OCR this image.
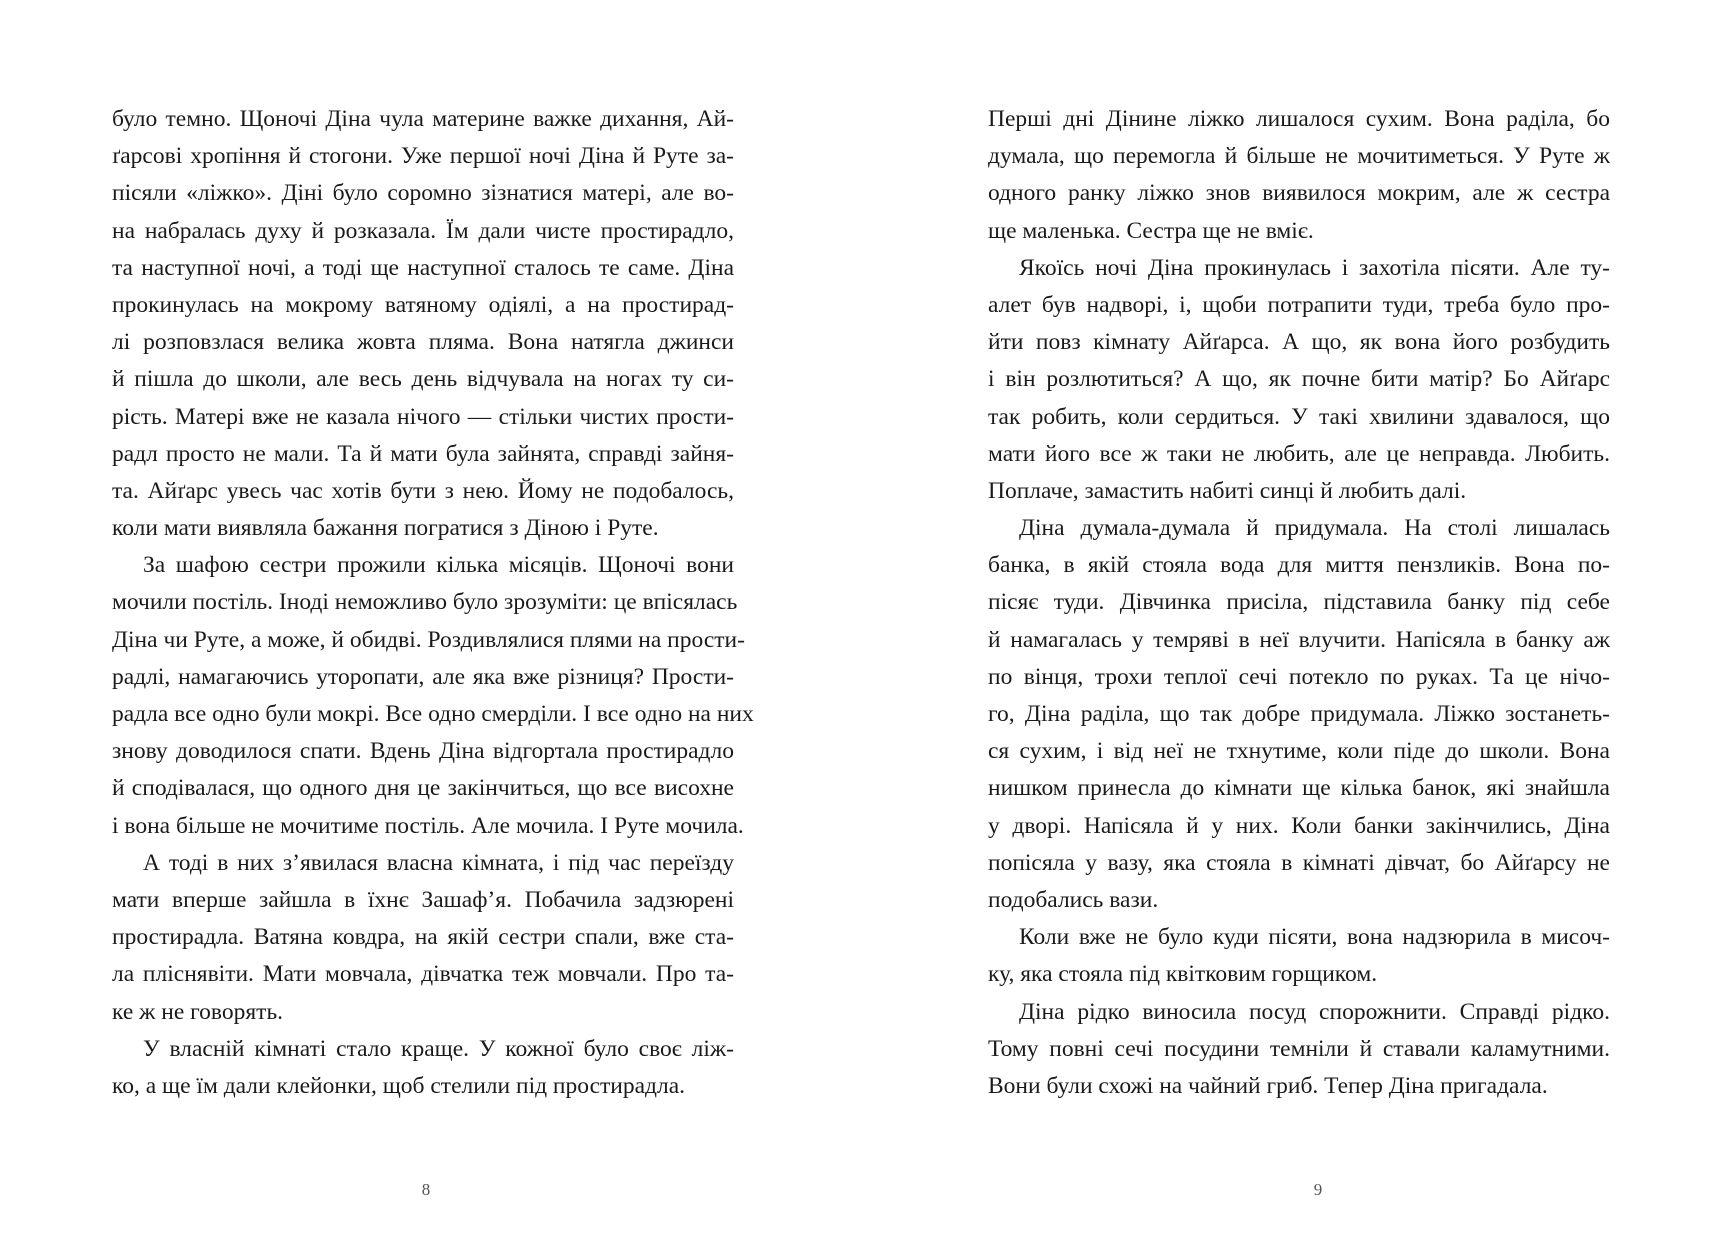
було темно. Щоночі Діна чула материне важке дихання, Ай-
ґарсові хропіння й стогони. Уже першої ночі Діна й Руте за-
пісяли «ліжко». Діні було соромно зізнатися матері, але во-
на набралась духу й розказала. Їм дали чисте простирадло,
та наступної ночі, а тоді ще наступної сталось те саме. Діна
прокинулась на мокрому ватяному одіялі, а на простирад-
лі розповзлася велика жовта пляма. Вона натягла джинси
й пішла до школи, але весь день відчувала на ногах ту си-
рість. Матері вже не казала нічого — стільки чистих прости-
радл просто не мали. Та й мати була зайнята, справді зайня-
та. Айґарс увесь час хотів бути з нею. Йому не подобалось,
коли мати виявляла бажання погратися з Діною і Руте.
За шафою сестри прожили кілька місяців. Щоночі вони
мочили постіль. Іноді неможливо було зрозуміти: це впісялась
Діна чи Руте, а може, й обидві. Роздивлялися плями на прости-
радлі, намагаючись уторопати, але яка вже різниця? Прости-
радла все одно були мокрі. Все одно смерділи. І все одно на них
знову доводилося спати. Вдень Діна відгортала простирадло
й сподівалася, що одного дня це закінчиться, що все висохне
і вона більше не мочитиме постіль. Але мочила. І Руте мочила.
А тоді в них з’явилася власна кімната, і під час переїзду
мати вперше зайшла в їхнє Зашаф’я. Побачила задзюрені
простирадла. Ватяна ковдра, на якій сестри спали, вже ста-
ла пліснявіти. Мати мовчала, дівчатка теж мовчали. Про та-
ке ж не говорять.
У власній кімнаті стало краще. У кожної було своє ліж-
ко, а ще їм дали клейонки, щоб стелили під простирадла.
8
Перші дні Дінине ліжко лишалося сухим. Вона раділа, бо
думала, що перемогла й більше не мочитиметься. У Руте ж
одного ранку ліжко знов виявилося мокрим, але ж сестра
ще маленька. Сестра ще не вміє.
Якоїсь ночі Діна прокинулась і захотіла пісяти. Але ту-
алет був надворі, і, щоби потрапити туди, треба було про-
йти повз кімнату Айґарса. А що, як вона його розбудить
і він розлютиться? А що, як почне бити матір? Бо Айґарс
так робить, коли сердиться. У такі хвилини здавалося, що
мати його все ж таки не любить, але це неправда. Любить.
Поплаче, замастить набиті синці й любить далі.
Діна думала-думала й придумала. На столі лишалась
банка, в якій стояла вода для миття пензликів. Вона по-
пісяє туди. Дівчинка присіла, підставила банку під себе
й намагалась у темряві в неї влучити. Напісяла в банку аж
по вінця, трохи теплої сечі потекло по руках. Та це нічо-
го, Діна раділа, що так добре придумала. Ліжко зостанеть-
ся сухим, і від неї не тхнутиме, коли піде до школи. Вона
нишком принесла до кімнати ще кілька банок, які знайшла
у дворі. Напісяла й у них. Коли банки закінчились, Діна
попісяла у вазу, яка стояла в кімнаті дівчат, бо Айґарсу не
подобались вази.
Коли вже не було куди пісяти, вона надзюрила в мисоч-
ку, яка стояла під квітковим горщиком.
Діна рідко виносила посуд спорожнити. Справді рідко.
Тому повні сечі посудини темніли й ставали каламутними.
Вони були схожі на чайний гриб. Тепер Діна пригадала.
9
